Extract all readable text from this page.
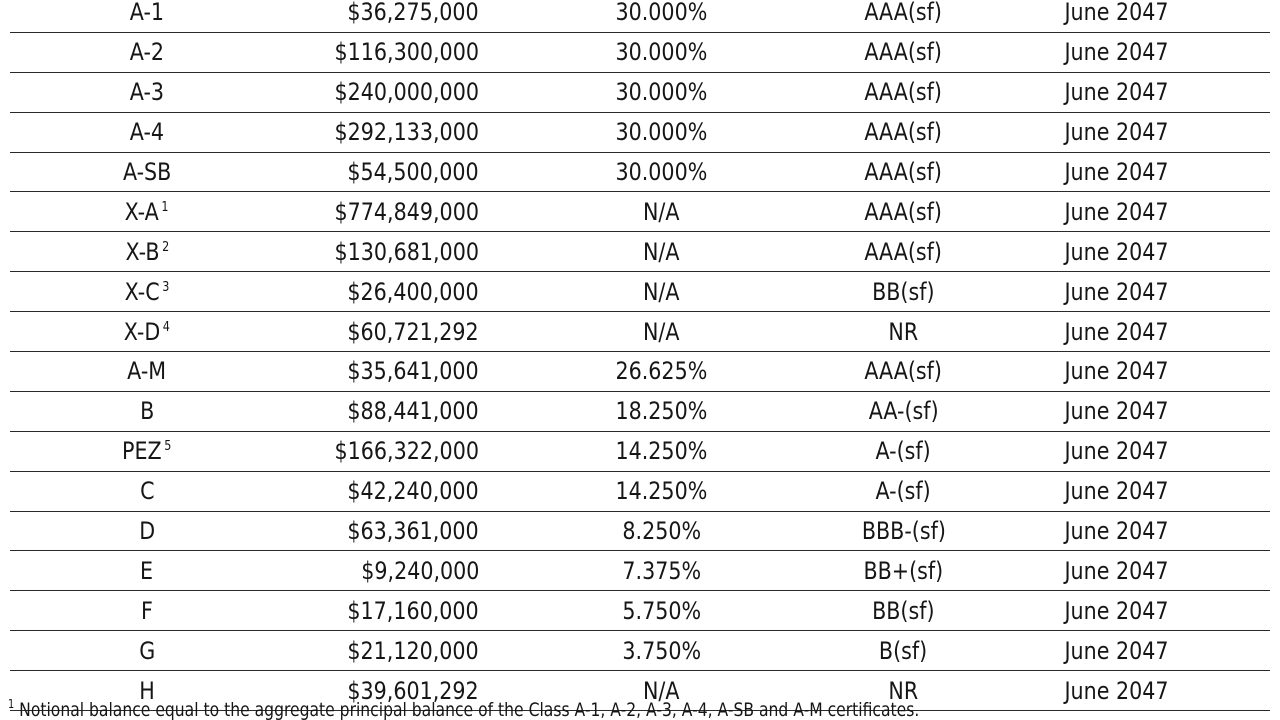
A-1	$36,275,000	30.000%	AAA(sf)	June 2047
A-2	$116,300,000	30.000%	AAA(sf)	June 2047
A-3	$240,000,000	30.000%	AAA(sf)	June 2047
A-4	$292,133,000	30.000%	AAA(sf)	June 2047
A-SB	$54,500,000	30.000%	AAA(sf)	June 2047
X-A $^1$	$774,849,000	N/A	AAA(sf)	June 2047
X-B $^2$	$130,681,000	N/A	AAA(sf)	June 2047
X-C $^3$	$26,400,000	N/A	BB(sf)	June 2047
X-D $^4$	$60,721,292	N/A	NR	June 2047
A-M	$35,641,000	26.625%	AAA(sf)	June 2047
B	$88,441,000	18.250%	AA-(sf)	June 2047
PEZ $^5$	$166,322,000	14.250%	A-(sf)	June 2047
C	$42,240,000	14.250%	A-(sf)	June 2047
D	$63,361,000	8.250%	BBB-(sf)	June 2047
E	$9,240,000	7.375%	BB+(sf)	June 2047
F	$17,160,000	5.750%	BB(sf)	June 2047
G	$21,120,000	3.750%	B(sf)	June 2047
H	$39,601,292	N/A	NR	June 2047
$^1$ Notional balance equal to the aggregate principal balance of the Class A-1, A-2, A-3, A-4, A-SB and A-M certificates.
